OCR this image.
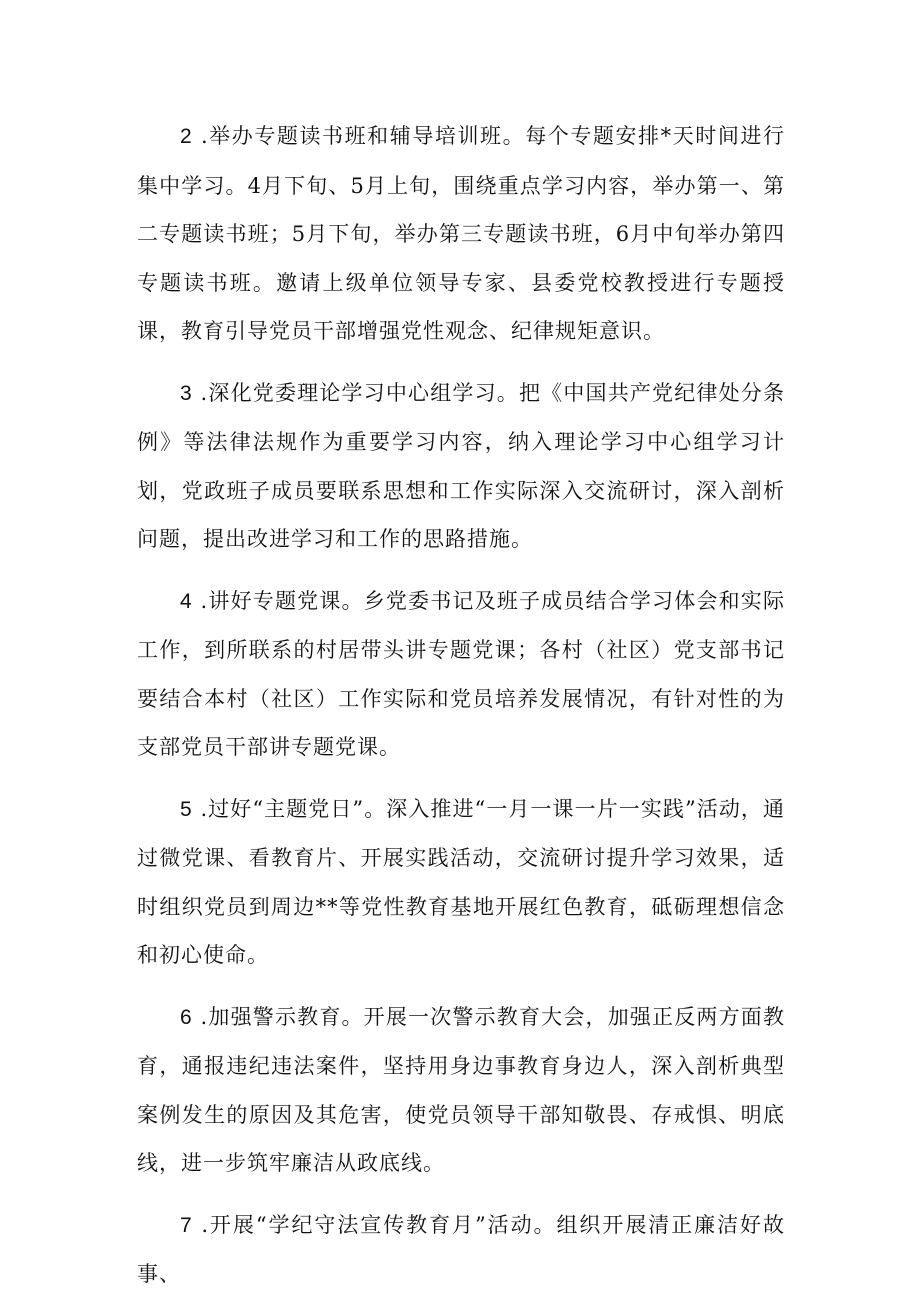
2 .举办专题读书班和辅导培训班。每个专题安排*天时间进行集中学习。4月下旬、5月上旬，围绕重点学习内容，举办第一、第二专题读书班；5月下旬，举办第三专题读书班，6月中旬举办第四专题读书班。邀请上级单位领导专家、县委党校教授进行专题授课，教育引导党员干部增强党性观念、纪律规矩意识。

3 .深化党委理论学习中心组学习。把《中国共产党纪律处分条例》等法律法规作为重要学习内容，纳入理论学习中心组学习计划，党政班子成员要联系思想和工作实际深入交流研讨，深入剖析问题，提出改进学习和工作的思路措施。

4 .讲好专题党课。乡党委书记及班子成员结合学习体会和实际工作，到所联系的村居带头讲专题党课；各村（社区）党支部书记要结合本村（社区）工作实际和党员培养发展情况，有针对性的为支部党员干部讲专题党课。

5 .过好“主题党日”。深入推进“一月一课一片一实践”活动，通过微党课、看教育片、开展实践活动，交流研讨提升学习效果，适时组织党员到周边**等党性教育基地开展红色教育，砥砺理想信念和初心使命。

6 .加强警示教育。开展一次警示教育大会，加强正反两方面教育，通报违纪违法案件，坚持用身边事教育身边人，深入剖析典型案例发生的原因及其危害，使党员领导干部知敬畏、存戒惧、明底线，进一步筑牢廉洁从政底线。

7 .开展“学纪守法宣传教育月”活动。组织开展清正廉洁好故事、
